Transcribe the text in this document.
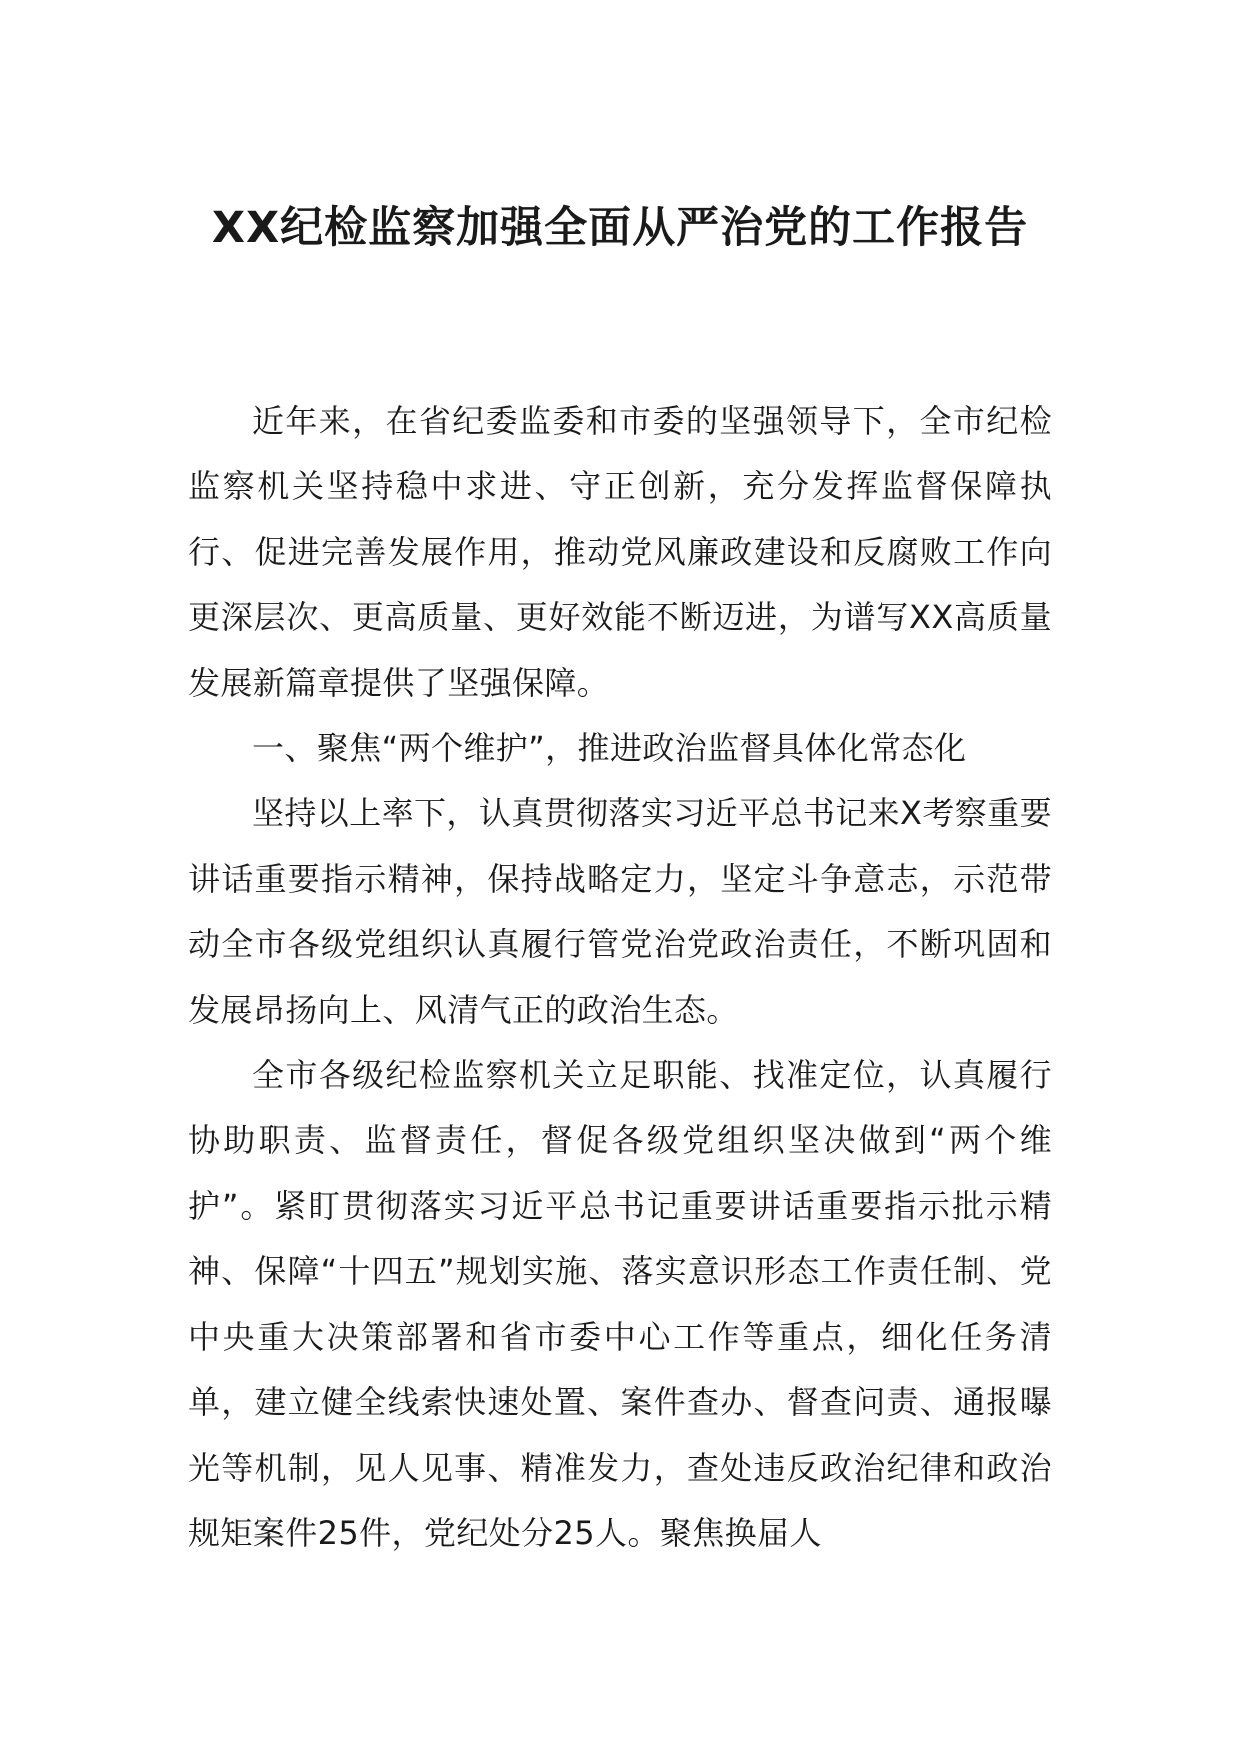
XX纪检监察加强全面从严治党的工作报告

近年来，在省纪委监委和市委的坚强领导下，全市纪检监察机关坚持稳中求进、守正创新，充分发挥监督保障执行、促进完善发展作用，推动党风廉政建设和反腐败工作向更深层次、更高质量、更好效能不断迈进，为谱写XX高质量发展新篇章提供了坚强保障。

一、聚焦“两个维护”，推进政治监督具体化常态化

坚持以上率下，认真贯彻落实习近平总书记来X考察重要讲话重要指示精神，保持战略定力，坚定斗争意志，示范带动全市各级党组织认真履行管党治党政治责任，不断巩固和发展昂扬向上、风清气正的政治生态。

全市各级纪检监察机关立足职能、找准定位，认真履行协助职责、监督责任，督促各级党组织坚决做到“两个维护”。紧盯贯彻落实习近平总书记重要讲话重要指示批示精神、保障“十四五”规划实施、落实意识形态工作责任制、党中央重大决策部署和省市委中心工作等重点，细化任务清单，建立健全线索快速处置、案件查办、督查问责、通报曝光等机制，见人见事、精准发力，查处违反政治纪律和政治规矩案件25件，党纪处分25人。聚焦换届人
